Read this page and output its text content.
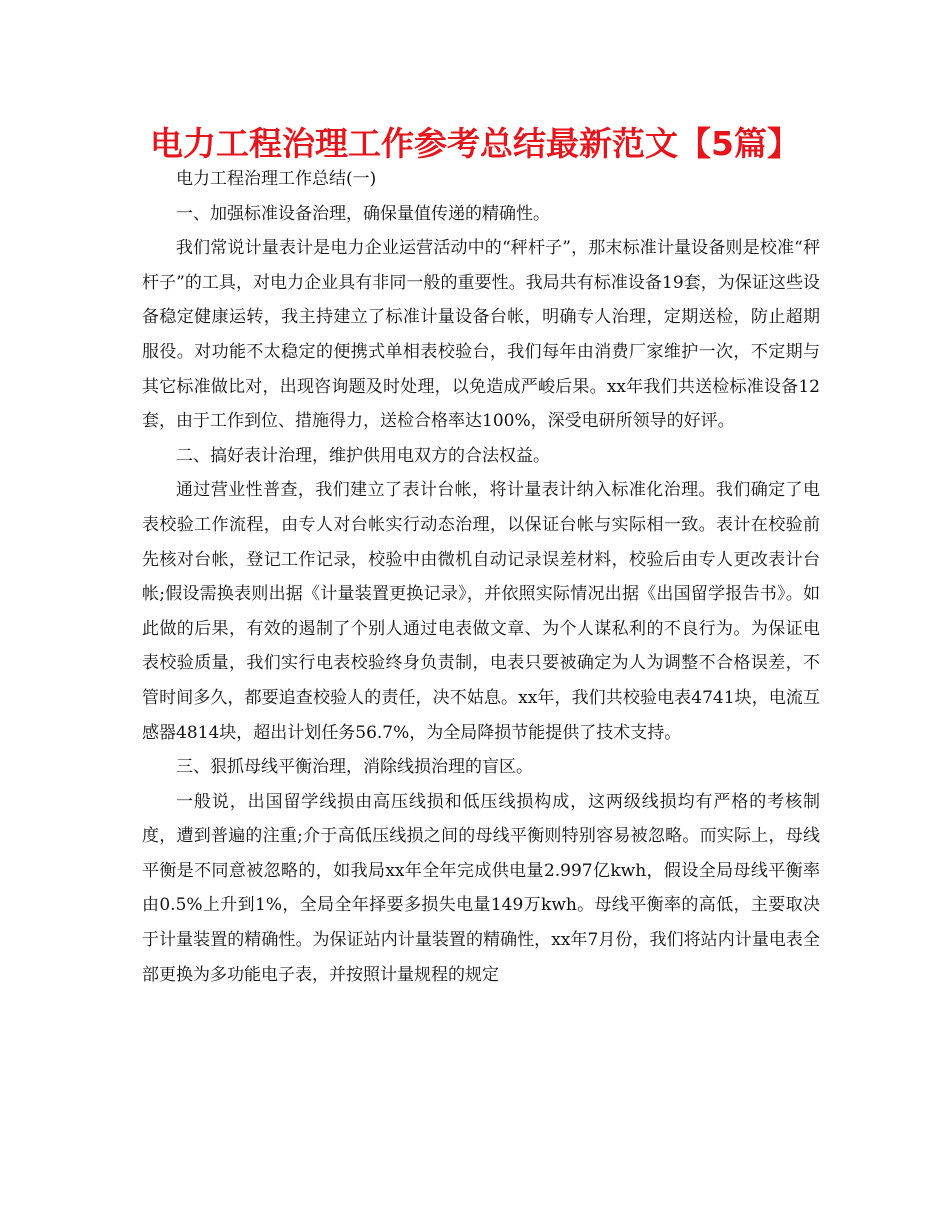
电力工程治理工作参考总结最新范文【5篇】

电力工程治理工作总结(一)

一、加强标准设备治理，确保量值传递的精确性。

我们常说计量表计是电力企业运营活动中的“秤杆子”，那末标准计量设备则是校准“秤杆子”的工具，对电力企业具有非同一般的重要性。我局共有标准设备19套，为保证这些设备稳定健康运转，我主持建立了标准计量设备台帐，明确专人治理，定期送检，防止超期服役。对功能不太稳定的便携式单相表校验台，我们每年由消费厂家维护一次，不定期与其它标准做比对，出现咨询题及时处理，以免造成严峻后果。xx年我们共送检标准设备12套，由于工作到位、措施得力，送检合格率达100%，深受电研所领导的好评。

二、搞好表计治理，维护供用电双方的合法权益。

通过营业性普查，我们建立了表计台帐，将计量表计纳入标准化治理。我们确定了电表校验工作流程，由专人对台帐实行动态治理，以保证台帐与实际相一致。表计在校验前先核对台帐，登记工作记录，校验中由微机自动记录误差材料，校验后由专人更改表计台帐;假设需换表则出据《计量装置更换记录》，并依照实际情况出据《出国留学报告书》。如此做的后果，有效的遏制了个别人通过电表做文章、为个人谋私利的不良行为。为保证电表校验质量，我们实行电表校验终身负责制，电表只要被确定为人为调整不合格误差，不管时间多久，都要追查校验人的责任，决不姑息。xx年，我们共校验电表4741块，电流互感器4814块，超出计划任务56.7%，为全局降损节能提供了技术支持。

三、狠抓母线平衡治理，消除线损治理的盲区。

一般说，出国留学线损由高压线损和低压线损构成，这两级线损均有严格的考核制度，遭到普遍的注重;介于高低压线损之间的母线平衡则特别容易被忽略。而实际上，母线平衡是不同意被忽略的，如我局xx年全年完成供电量2.997亿kwh，假设全局母线平衡率由0.5%上升到1%，全局全年择要多损失电量149万kwh。母线平衡率的高低，主要取决于计量装置的精确性。为保证站内计量装置的精确性，xx年7月份，我们将站内计量电表全部更换为多功能电子表，并按照计量规程的规定
